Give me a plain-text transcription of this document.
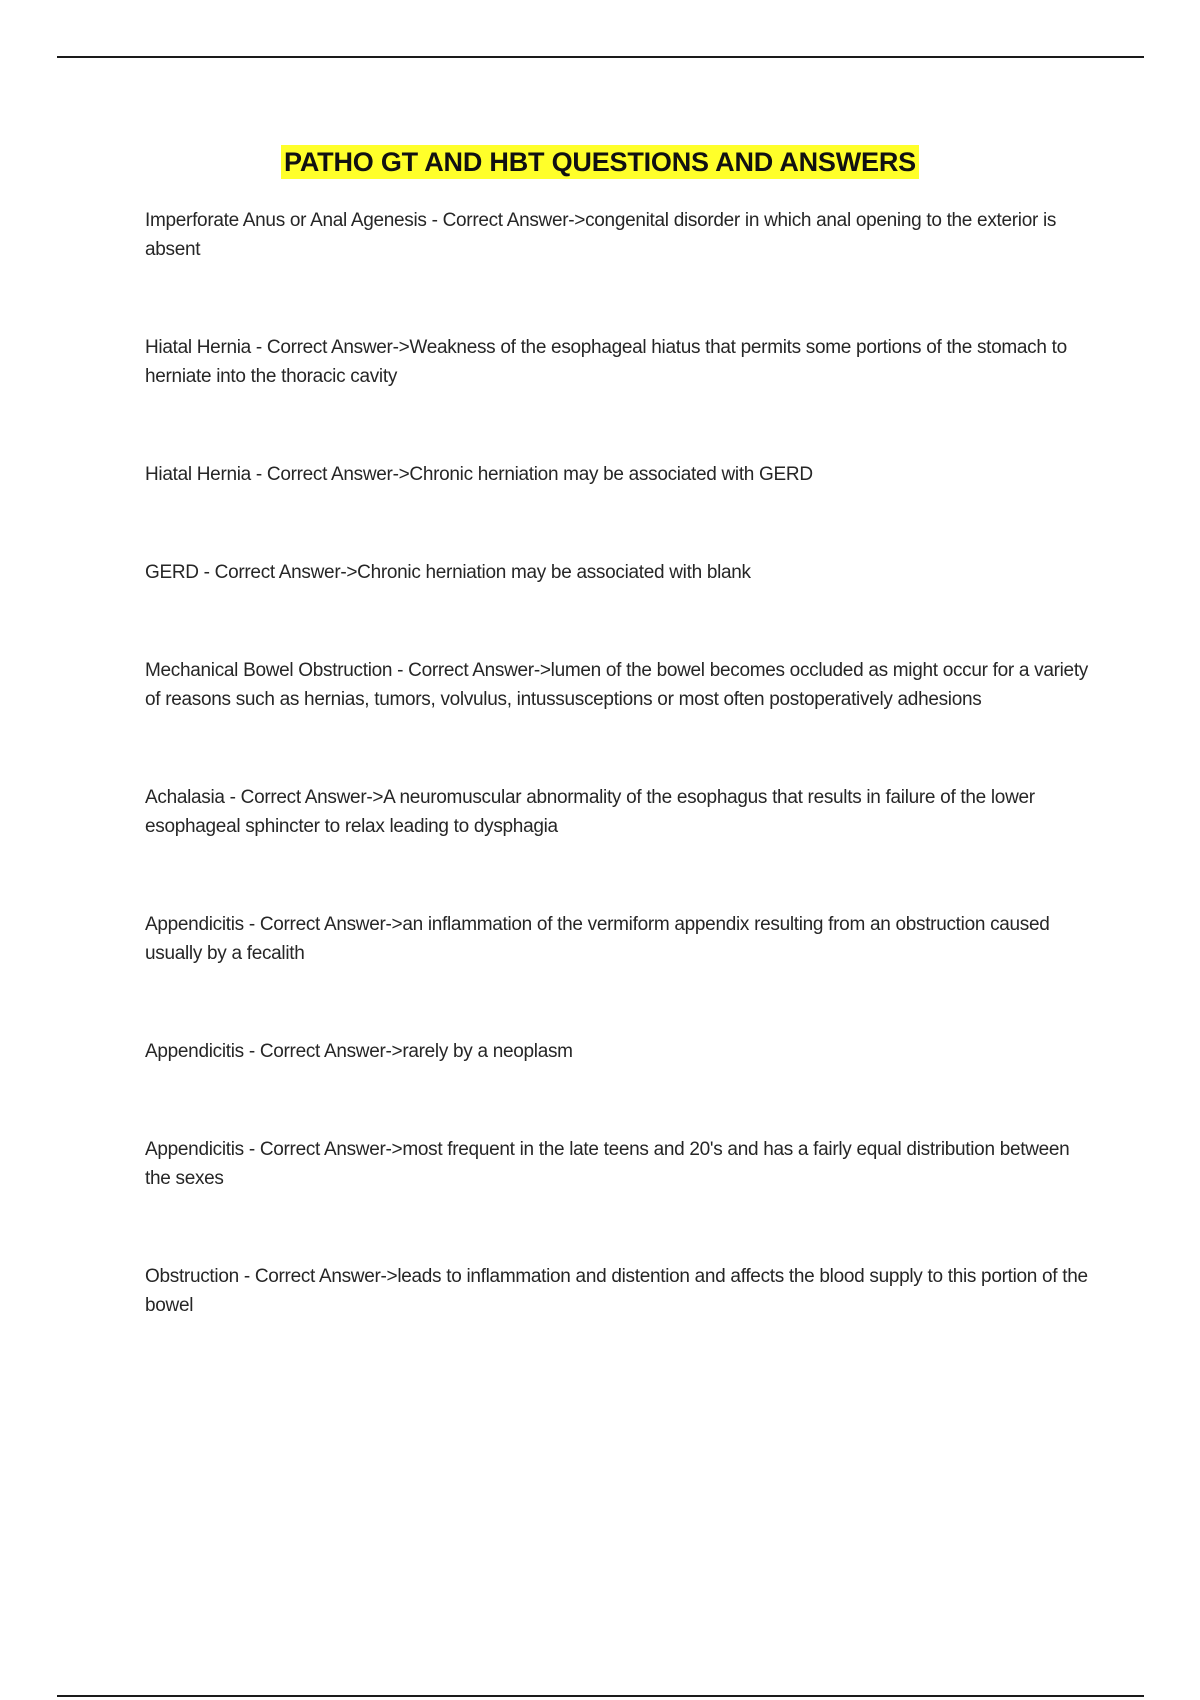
PATHO GT AND HBT QUESTIONS AND ANSWERS

Imperforate Anus or Anal Agenesis - Correct Answer->congenital disorder in which anal opening to the exterior is absent

Hiatal Hernia - Correct Answer->Weakness of the esophageal hiatus that permits some portions of the stomach to herniate into the thoracic cavity

Hiatal Hernia - Correct Answer->Chronic herniation may be associated with GERD

GERD - Correct Answer->Chronic herniation may be associated with blank

Mechanical Bowel Obstruction - Correct Answer->lumen of the bowel becomes occluded as might occur for a variety of reasons such as hernias, tumors, volvulus, intussusceptions or most often postoperatively adhesions

Achalasia - Correct Answer->A neuromuscular abnormality of the esophagus that results in failure of the lower esophageal sphincter to relax leading to dysphagia

Appendicitis - Correct Answer->an inflammation of the vermiform appendix resulting from an obstruction caused usually by a fecalith

Appendicitis - Correct Answer->rarely by a neoplasm

Appendicitis - Correct Answer->most frequent in the late teens and 20's and has a fairly equal distribution between the sexes

Obstruction - Correct Answer->leads to inflammation and distention and affects the blood supply to this portion of the bowel
